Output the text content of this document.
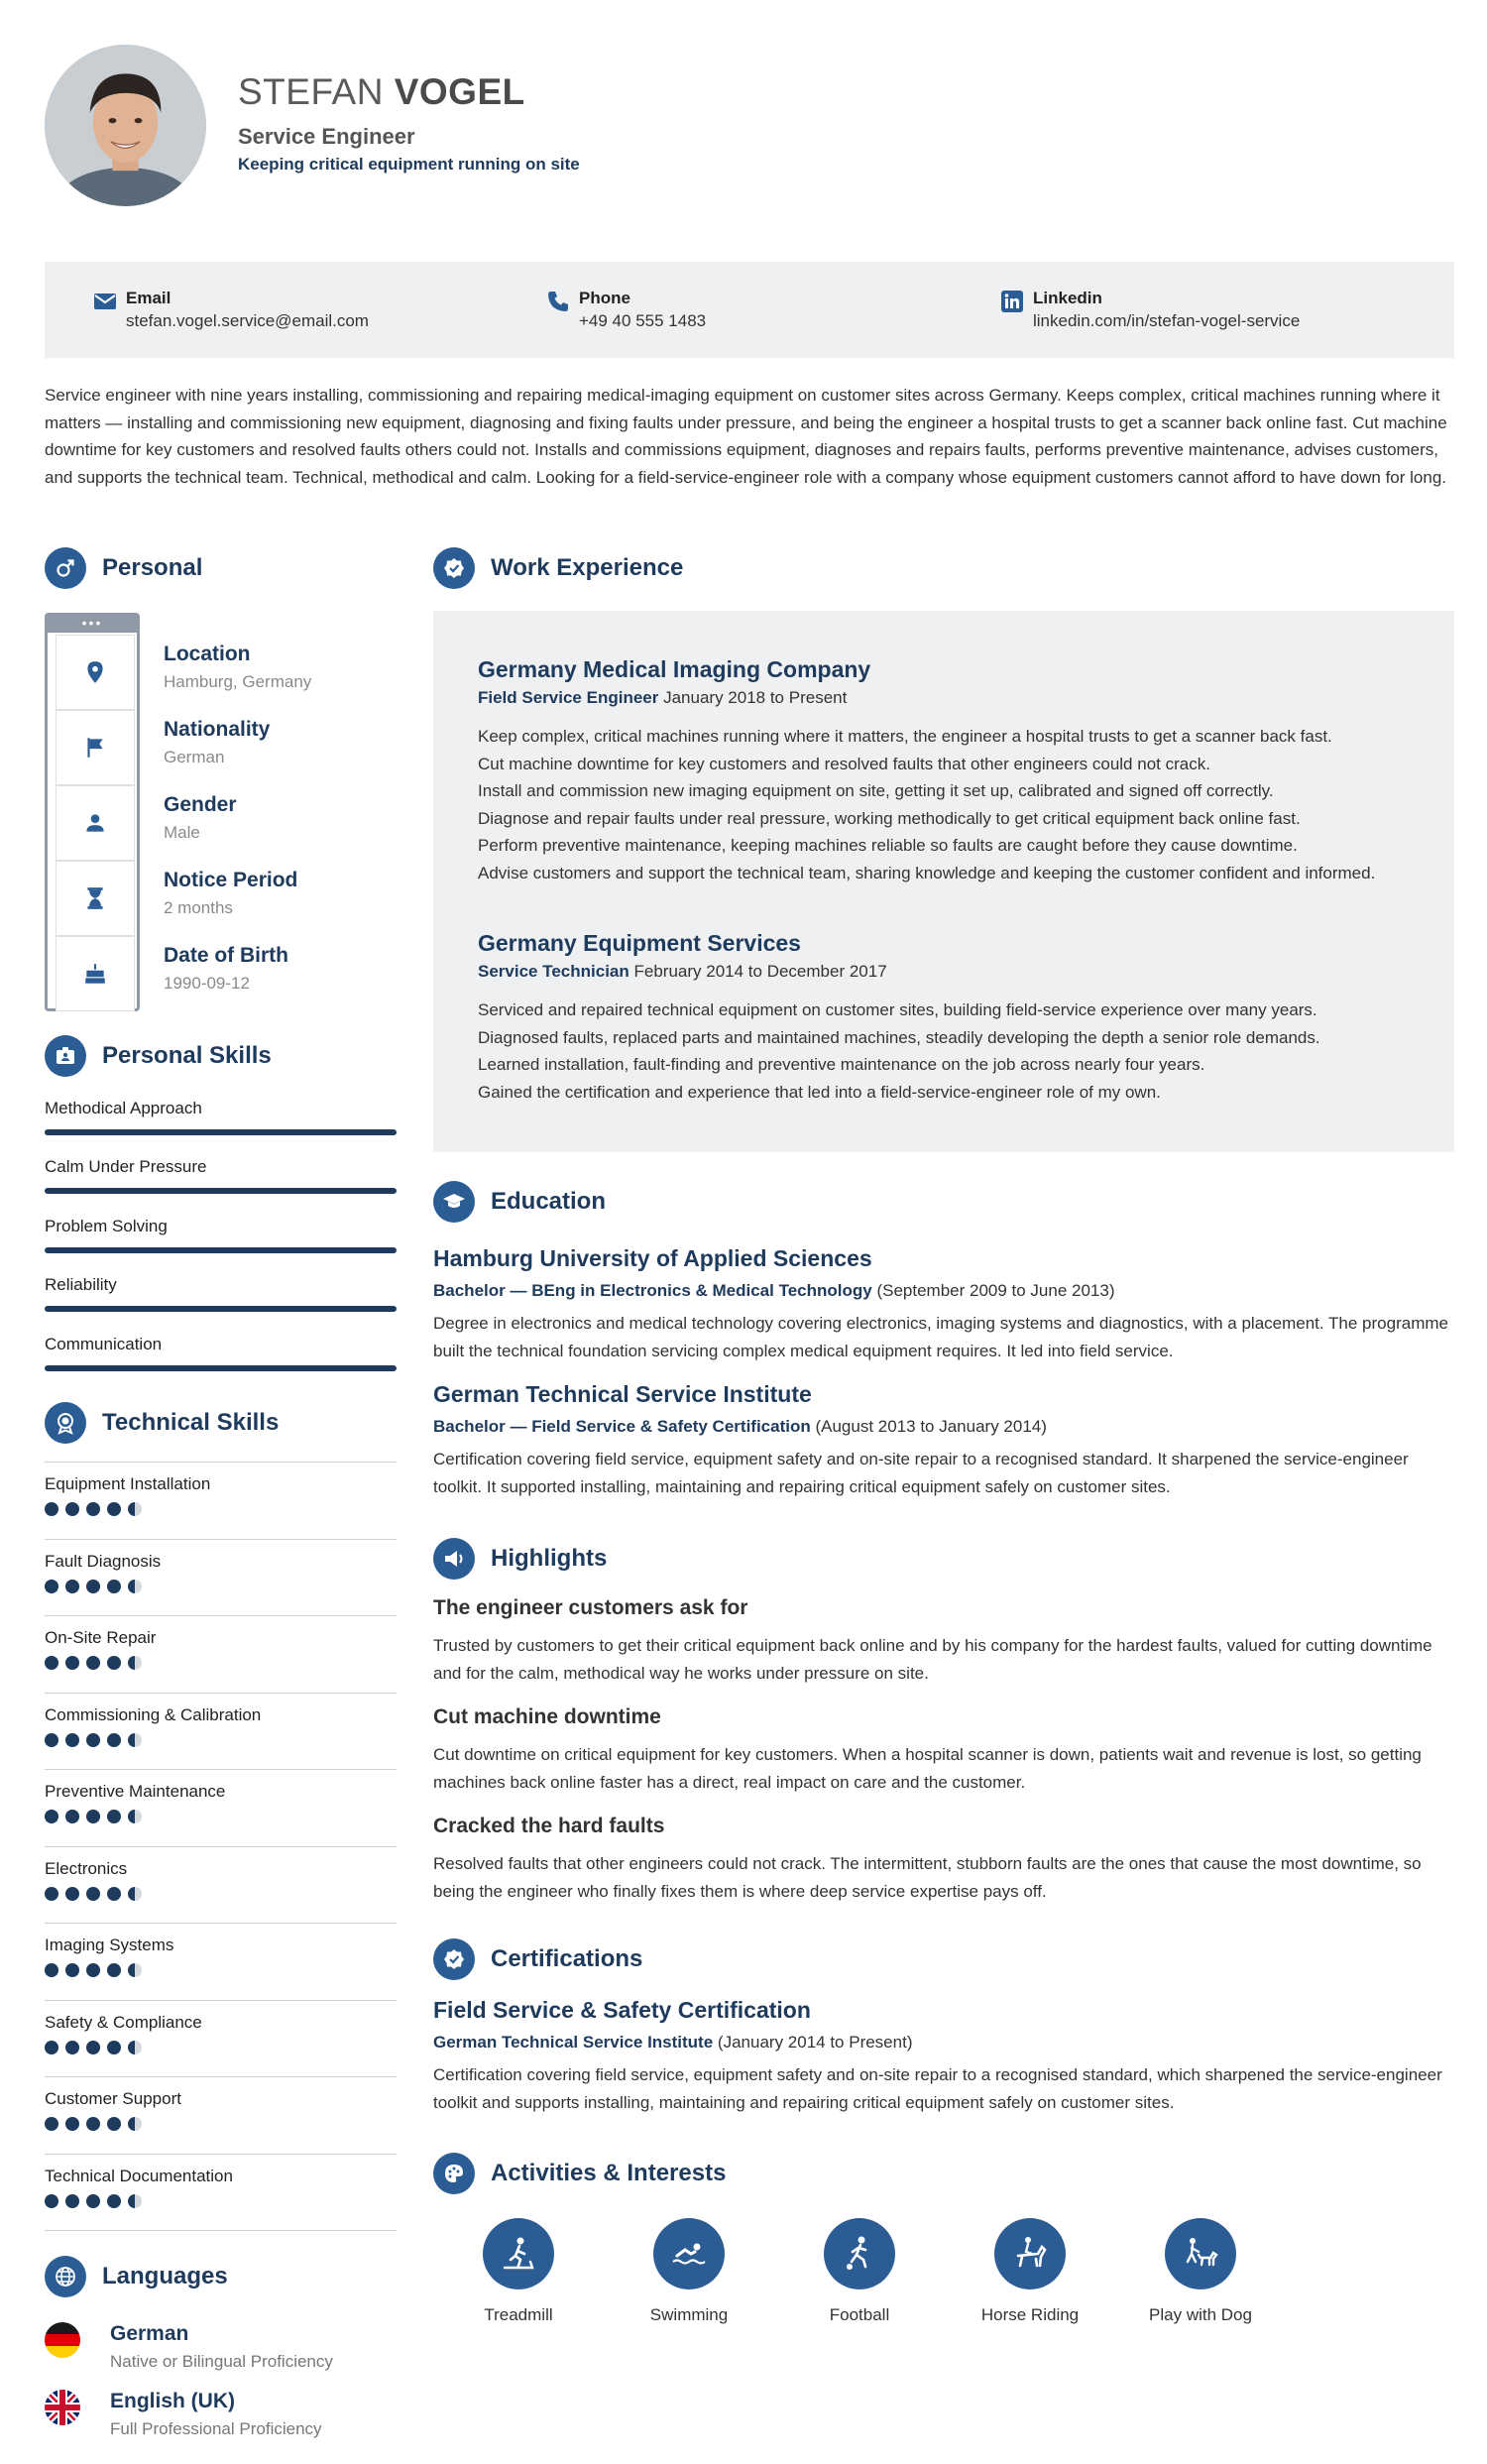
STEFAN VOGEL
Service Engineer
Keeping critical equipment running on site
Email
stefan.vogel.service@email.com
Phone
+49 40 555 1483
Linkedin
linkedin.com/in/stefan-vogel-service
Service engineer with nine years installing, commissioning and repairing medical-imaging equipment on customer sites across Germany. Keeps complex, critical machines running where it matters — installing and commissioning new equipment, diagnosing and fixing faults under pressure, and being the engineer a hospital trusts to get a scanner back online fast. Cut machine downtime for key customers and resolved faults others could not. Installs and commissions equipment, diagnoses and repairs faults, performs preventive maintenance, advises customers, and supports the technical team. Technical, methodical and calm. Looking for a field-service-engineer role with a company whose equipment customers cannot afford to have down for long.
Personal
•••
Location
Hamburg, Germany
Nationality
German
Gender
Male
Notice Period
2 months
Date of Birth
1990-09-12
Personal Skills
Methodical Approach
Calm Under Pressure
Problem Solving
Reliability
Communication
Technical Skills
Equipment Installation
Fault Diagnosis
On-Site Repair
Commissioning & Calibration
Preventive Maintenance
Electronics
Imaging Systems
Safety & Compliance
Customer Support
Technical Documentation
Languages
German
Native or Bilingual Proficiency
English (UK)
Full Professional Proficiency
Work Experience
Germany Medical Imaging Company
Field Service Engineer January 2018 to Present
Keep complex, critical machines running where it matters, the engineer a hospital trusts to get a scanner back fast.
Cut machine downtime for key customers and resolved faults that other engineers could not crack.
Install and commission new imaging equipment on site, getting it set up, calibrated and signed off correctly.
Diagnose and repair faults under real pressure, working methodically to get critical equipment back online fast.
Perform preventive maintenance, keeping machines reliable so faults are caught before they cause downtime.
Advise customers and support the technical team, sharing knowledge and keeping the customer confident and informed.
Germany Equipment Services
Service Technician February 2014 to December 2017
Serviced and repaired technical equipment on customer sites, building field-service experience over many years.
Diagnosed faults, replaced parts and maintained machines, steadily developing the depth a senior role demands.
Learned installation, fault-finding and preventive maintenance on the job across nearly four years.
Gained the certification and experience that led into a field-service-engineer role of my own.
Education
Hamburg University of Applied Sciences
Bachelor — BEng in Electronics & Medical Technology (September 2009 to June 2013)
Degree in electronics and medical technology covering electronics, imaging systems and diagnostics, with a placement. The programme built the technical foundation servicing complex medical equipment requires. It led into field service.
German Technical Service Institute
Bachelor — Field Service & Safety Certification (August 2013 to January 2014)
Certification covering field service, equipment safety and on-site repair to a recognised standard. It sharpened the service-engineer toolkit. It supported installing, maintaining and repairing critical equipment safely on customer sites.
Highlights
The engineer customers ask for
Trusted by customers to get their critical equipment back online and by his company for the hardest faults, valued for cutting downtime and for the calm, methodical way he works under pressure on site.
Cut machine downtime
Cut downtime on critical equipment for key customers. When a hospital scanner is down, patients wait and revenue is lost, so getting machines back online faster has a direct, real impact on care and the customer.
Cracked the hard faults
Resolved faults that other engineers could not crack. The intermittent, stubborn faults are the ones that cause the most downtime, so being the engineer who finally fixes them is where deep service expertise pays off.
Certifications
Field Service & Safety Certification
German Technical Service Institute (January 2014 to Present)
Certification covering field service, equipment safety and on-site repair to a recognised standard, which sharpened the service-engineer toolkit and supports installing, maintaining and repairing critical equipment safely on customer sites.
Activities & Interests
Treadmill	Swimming	Football	Horse Riding	Play with Dog
